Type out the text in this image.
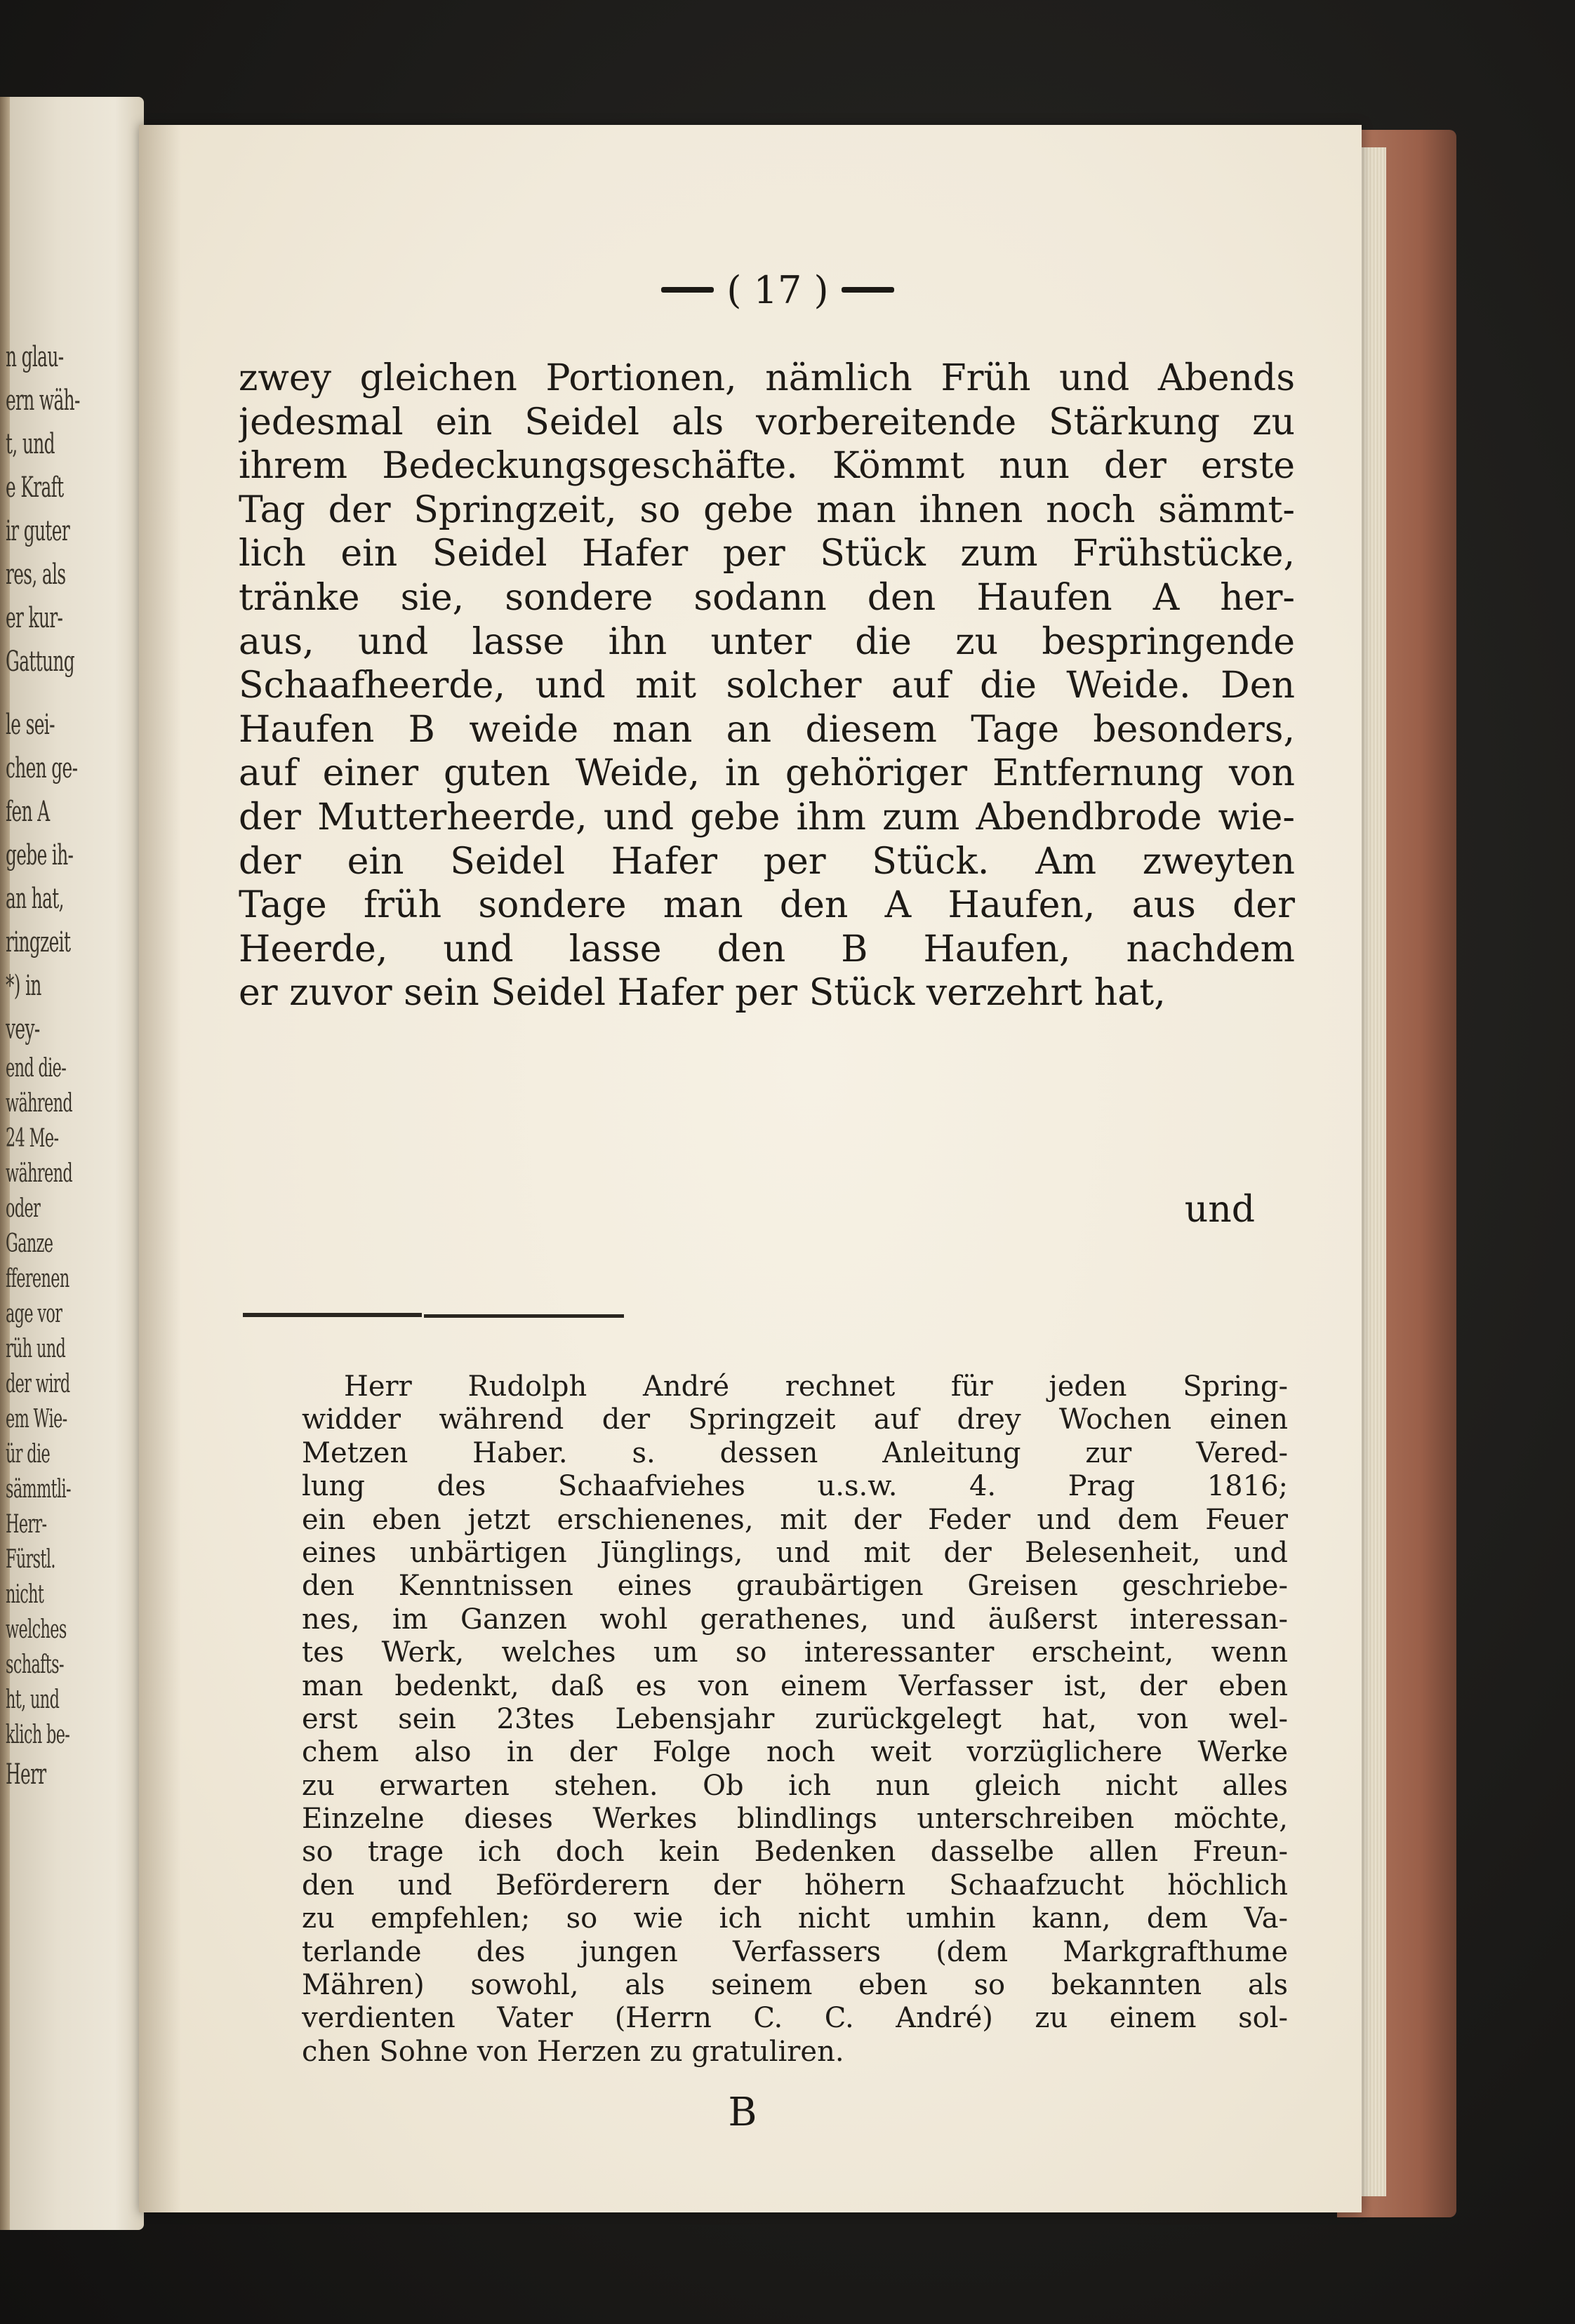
n glau-
ern wäh-
t, und
e Kraft
ir guter
res, als
er kur-
Gattung
le sei-
chen ge-
fen A
gebe ih-
an hat,
ringzeit
*) in
vey-
end die-
während
24 Me-
während
oder
Ganze
fferenen
age vor
rüh und
der wird
em Wie-
ür die
sämmtli-
Herr-
Fürstl.
nicht
welches
schafts-
ht, und
klich be-
Herr
( 17 )
zwey gleichen Portionen, nämlich Früh und Abends
jedesmal ein Seidel als vorbereitende Stärkung zu
ihrem Bedeckungsgeschäfte. Kömmt nun der erste
Tag der Springzeit, so gebe man ihnen noch sämmt-
lich ein Seidel Hafer per Stück zum Frühstücke,
tränke sie, sondere sodann den Haufen A her-
aus, und lasse ihn unter die zu bespringende
Schaafheerde, und mit solcher auf die Weide. Den
Haufen B weide man an diesem Tage besonders,
auf einer guten Weide, in gehöriger Entfernung von
der Mutterheerde, und gebe ihm zum Abendbrode wie-
der ein Seidel Hafer per Stück. Am zweyten
Tage früh sondere man den A Haufen, aus der
Heerde, und lasse den B Haufen, nachdem
er zuvor sein Seidel Hafer per Stück verzehrt hat,
und
Herr Rudolph André rechnet für jeden Spring-
widder während der Springzeit auf drey Wochen einen
Metzen Haber. s. dessen Anleitung zur Vered-
lung des Schaafviehes u.s.w. 4. Prag 1816;
ein eben jetzt erschienenes, mit der Feder und dem Feuer
eines unbärtigen Jünglings, und mit der Belesenheit, und
den Kenntnissen eines graubärtigen Greisen geschriebe-
nes, im Ganzen wohl gerathenes, und äußerst interessan-
tes Werk, welches um so interessanter erscheint, wenn
man bedenkt, daß es von einem Verfasser ist, der eben
erst sein 23tes Lebensjahr zurückgelegt hat, von wel-
chem also in der Folge noch weit vorzüglichere Werke
zu erwarten stehen. Ob ich nun gleich nicht alles
Einzelne dieses Werkes blindlings unterschreiben möchte,
so trage ich doch kein Bedenken dasselbe allen Freun-
den und Beförderern der höhern Schaafzucht höchlich
zu empfehlen; so wie ich nicht umhin kann, dem Va-
terlande des jungen Verfassers (dem Markgrafthume
Mähren) sowohl, als seinem eben so bekannten als
verdienten Vater (Herrn C. C. André) zu einem sol-
chen Sohne von Herzen zu gratuliren.
B
